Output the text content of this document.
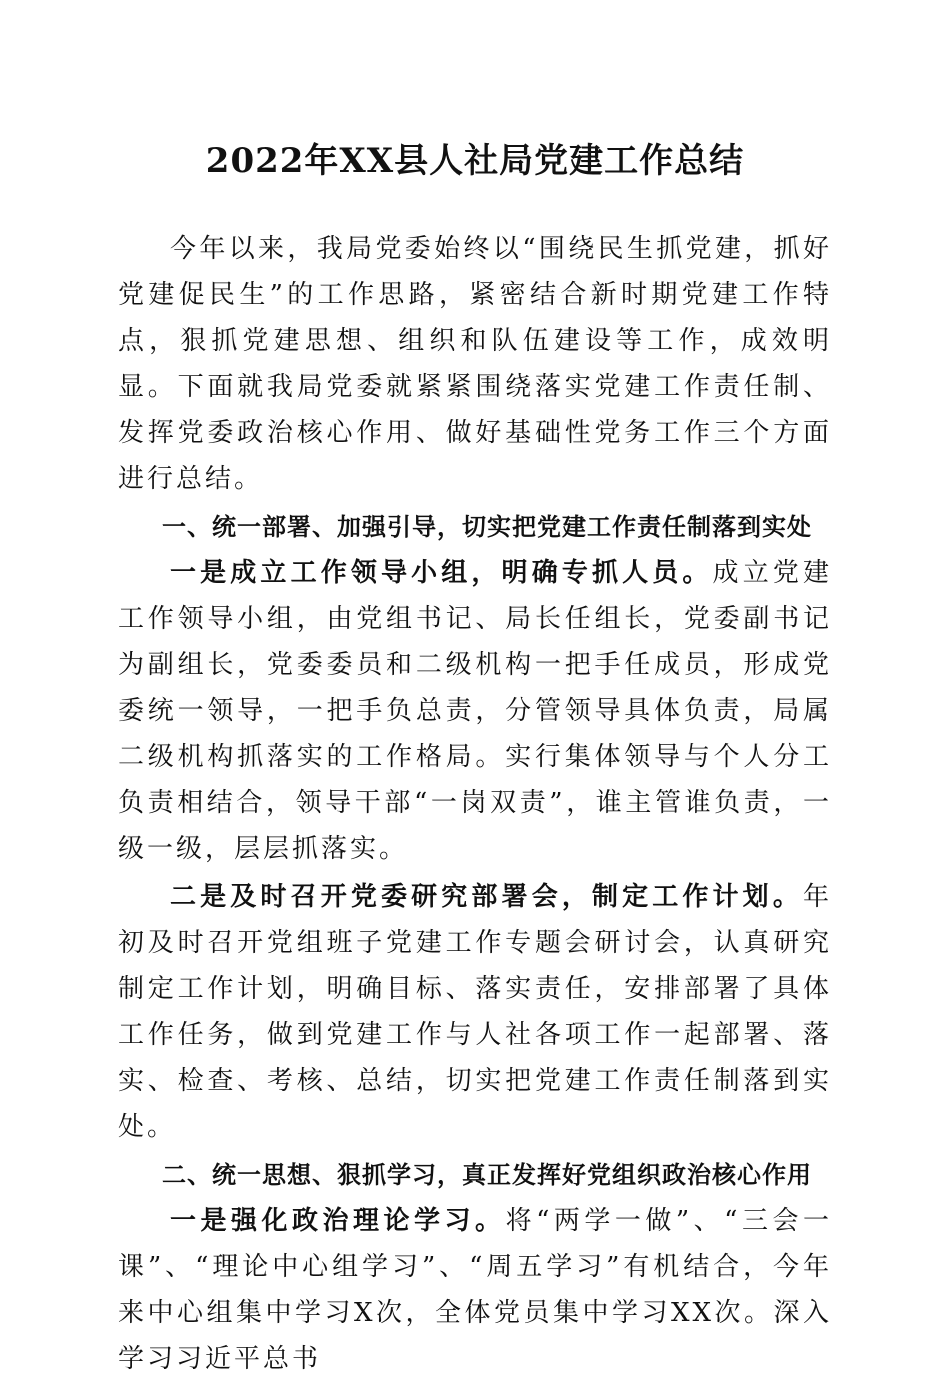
2022年XX县人社局党建工作总结

今年以来，我局党委始终以“围绕民生抓党建，抓好党建促民生”的工作思路，紧密结合新时期党建工作特点，狠抓党建思想、组织和队伍建设等工作，成效明显。下面就我局党委就紧紧围绕落实党建工作责任制、发挥党委政治核心作用、做好基础性党务工作三个方面进行总结。

一、统一部署、加强引导，切实把党建工作责任制落到实处

一是成立工作领导小组，明确专抓人员。成立党建工作领导小组，由党组书记、局长任组长，党委副书记为副组长，党委委员和二级机构一把手任成员，形成党委统一领导，一把手负总责，分管领导具体负责，局属二级机构抓落实的工作格局。实行集体领导与个人分工负责相结合，领导干部“一岗双责”，谁主管谁负责，一级一级，层层抓落实。

二是及时召开党委研究部署会，制定工作计划。年初及时召开党组班子党建工作专题会研讨会，认真研究制定工作计划，明确目标、落实责任，安排部署了具体工作任务，做到党建工作与人社各项工作一起部署、落实、检查、考核、总结，切实把党建工作责任制落到实处。

二、统一思想、狠抓学习，真正发挥好党组织政治核心作用

一是强化政治理论学习。将“两学一做”、“三会一课”、“理论中心组学习”、“周五学习”有机结合，今年来中心组集中学习X次，全体党员集中学习XX次。深入学习习近平总书
